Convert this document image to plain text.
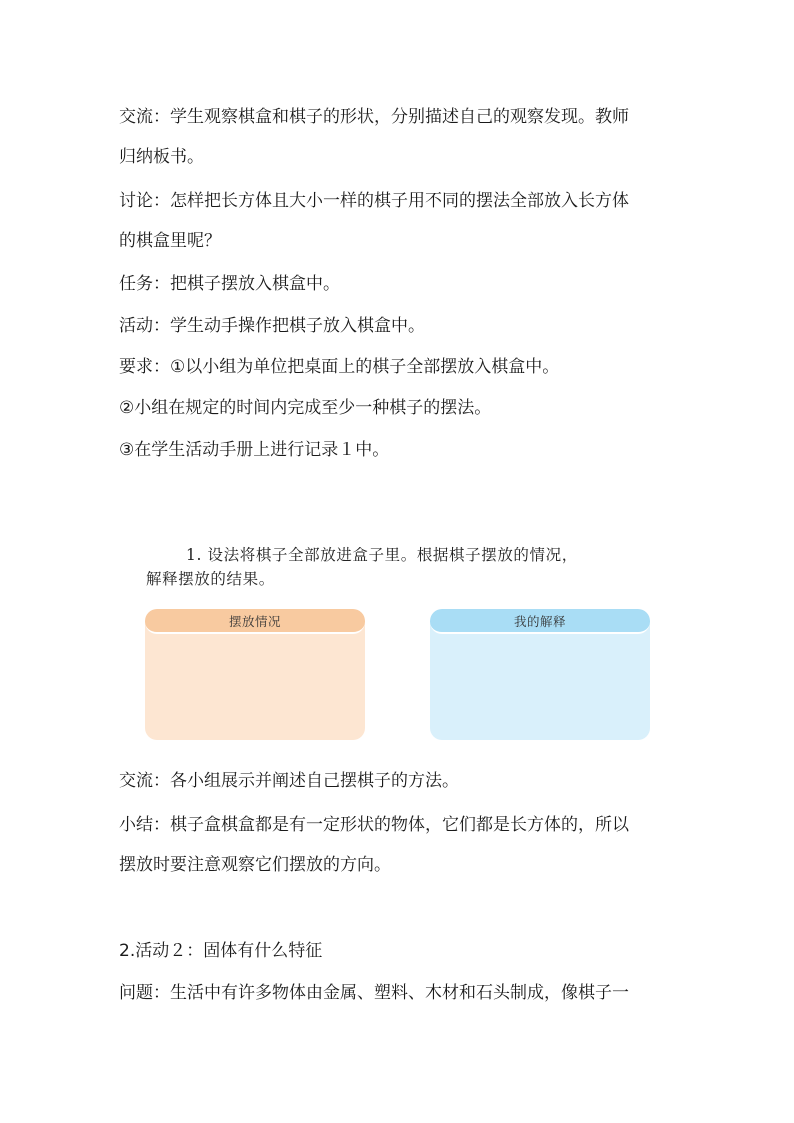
交流：学生观察棋盒和棋子的形状，分别描述自己的观察发现。教师
归纳板书。
讨论：怎样把长方体且大小一样的棋子用不同的摆法全部放入长方体
的棋盒里呢？
任务：把棋子摆放入棋盒中。
活动：学生动手操作把棋子放入棋盒中。
要求：①以小组为单位把桌面上的棋子全部摆放入棋盒中。
②小组在规定的时间内完成至少一种棋子的摆法。
③在学生活动手册上进行记录１中。
1. 设法将棋子全部放进盒子里。根据棋子摆放的情况，
解释摆放的结果。
摆放情况	我的解释
交流：各小组展示并阐述自己摆棋子的方法。
小结：棋子盒棋盒都是有一定形状的物体，它们都是长方体的，所以
摆放时要注意观察它们摆放的方向。
2.活动２：固体有什么特征
问题：生活中有许多物体由金属、塑料、木材和石头制成，像棋子一
